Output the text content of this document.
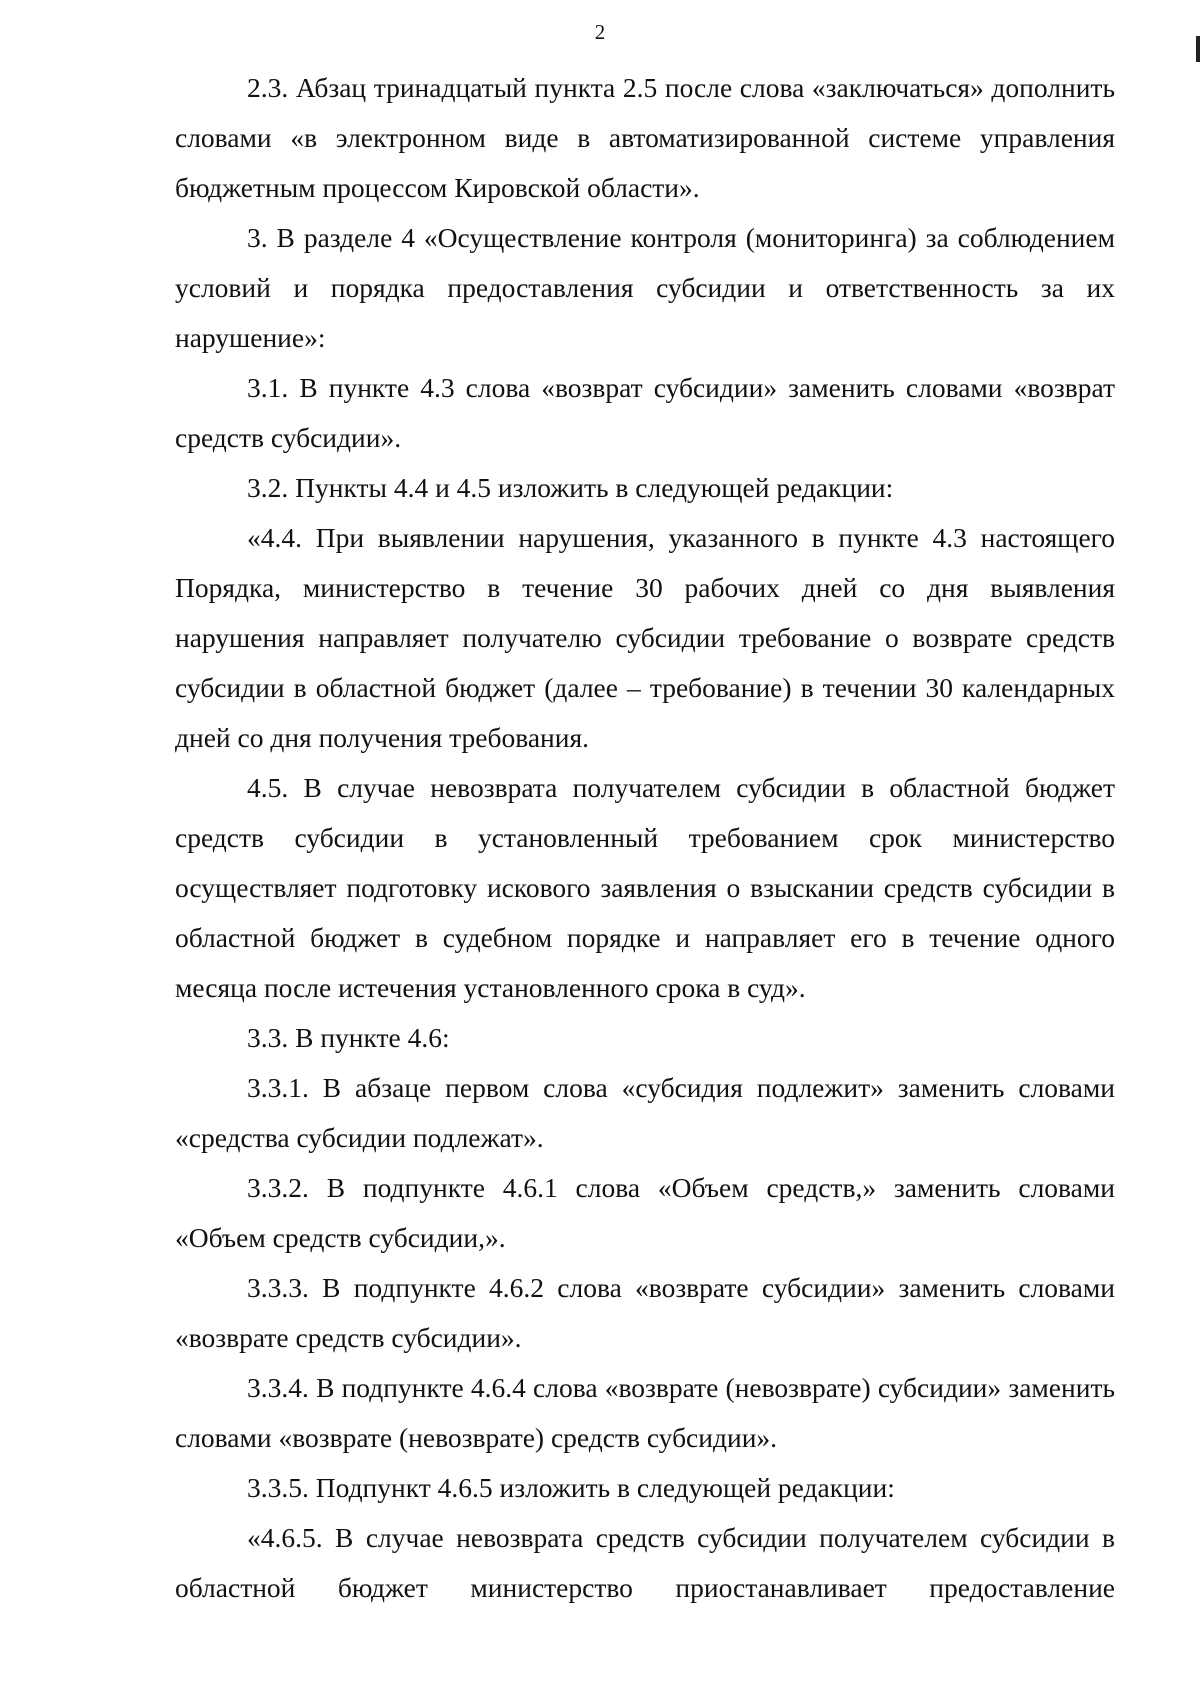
2

2.3. Абзац тринадцатый пункта 2.5 после слова «заключаться» дополнить словами «в электронном виде в автоматизированной системе управления бюджетным процессом Кировской области».

3. В разделе 4 «Осуществление контроля (мониторинга) за соблюдением условий и порядка предоставления субсидии и ответственность за их нарушение»:

3.1. В пункте 4.3 слова «возврат субсидии» заменить словами «возврат средств субсидии».

3.2. Пункты 4.4 и 4.5 изложить в следующей редакции:

«4.4. При выявлении нарушения, указанного в пункте 4.3 настоящего Порядка, министерство в течение 30 рабочих дней со дня выявления нарушения направляет получателю субсидии требование о возврате средств субсидии в областной бюджет (далее – требование) в течении 30 календарных дней со дня получения требования.

4.5. В случае невозврата получателем субсидии в областной бюджет средств субсидии в установленный требованием срок министерство осуществляет подготовку искового заявления о взыскании средств субсидии в областной бюджет в судебном порядке и направляет его в течение одного месяца после истечения установленного срока в суд».

3.3. В пункте 4.6:

3.3.1. В абзаце первом слова «субсидия подлежит» заменить словами «средства субсидии подлежат».

3.3.2. В подпункте 4.6.1 слова «Объем средств,» заменить словами «Объем средств субсидии,».

3.3.3. В подпункте 4.6.2 слова «возврате субсидии» заменить словами «возврате средств субсидии».

3.3.4. В подпункте 4.6.4 слова «возврате (невозврате) субсидии» заменить словами «возврате (невозврате) средств субсидии».

3.3.5. Подпункт 4.6.5 изложить в следующей редакции:

«4.6.5. В случае невозврата средств субсидии получателем субсидии в областной бюджет министерство приостанавливает предоставление
